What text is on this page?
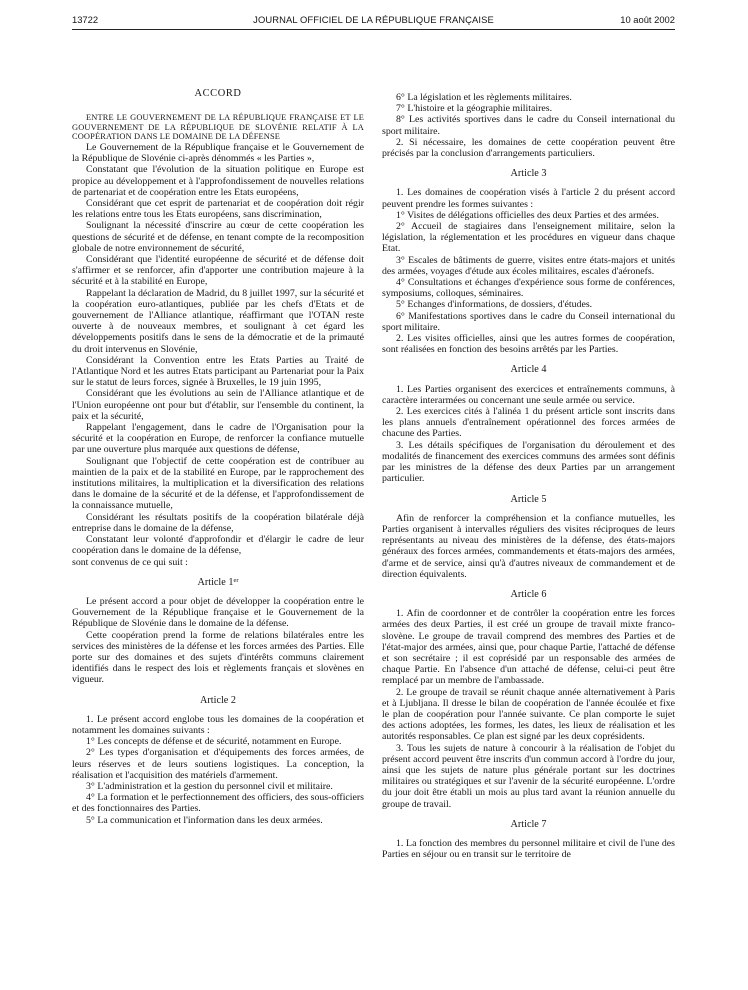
13722	JOURNAL OFFICIEL DE LA RÉPUBLIQUE FRANÇAISE	10 août 2002
ACCORD

ENTRE LE GOUVERNEMENT DE LA RÉPUBLIQUE FRANÇAISE ET LE GOUVERNEMENT DE LA RÉPUBLIQUE DE SLOVÉNIE RELATIF À LA COOPÉRATION DANS LE DOMAINE DE LA DÉFENSE

Le Gouvernement de la République française et le Gouvernement de la République de Slovénie ci-après dénommés « les Parties »,

Constatant que l'évolution de la situation politique en Europe est propice au développement et à l'approfondissement de nouvelles relations de partenariat et de coopération entre les Etats européens,

Considérant que cet esprit de partenariat et de coopération doit régir les relations entre tous les Etats européens, sans discrimination,

Soulignant la nécessité d'inscrire au cœur de cette coopération les questions de sécurité et de défense, en tenant compte de la recomposition globale de notre environnement de sécurité,

Considérant que l'identité européenne de sécurité et de défense doit s'affirmer et se renforcer, afin d'apporter une contribution majeure à la sécurité et à la stabilité en Europe,

Rappelant la déclaration de Madrid, du 8 juillet 1997, sur la sécurité et la coopération euro-atlantiques, publiée par les chefs d'Etats et de gouvernement de l'Alliance atlantique, réaffirmant que l'OTAN reste ouverte à de nouveaux membres, et soulignant à cet égard les développements positifs dans le sens de la démocratie et de la primauté du droit intervenus en Slovénie,

Considérant la Convention entre les Etats Parties au Traité de l'Atlantique Nord et les autres Etats participant au Partenariat pour la Paix sur le statut de leurs forces, signée à Bruxelles, le 19 juin 1995,

Considérant que les évolutions au sein de l'Alliance atlantique et de l'Union européenne ont pour but d'établir, sur l'ensemble du continent, la paix et la sécurité,

Rappelant l'engagement, dans le cadre de l'Organisation pour la sécurité et la coopération en Europe, de renforcer la confiance mutuelle par une ouverture plus marquée aux questions de défense,

Soulignant que l'objectif de cette coopération est de contribuer au maintien de la paix et de la stabilité en Europe, par le rapprochement des institutions militaires, la multiplication et la diversification des relations dans le domaine de la sécurité et de la défense, et l'approfondissement de la connaissance mutuelle,

Considérant les résultats positifs de la coopération bilatérale déjà entreprise dans le domaine de la défense,

Constatant leur volonté d'approfondir et d'élargir le cadre de leur coopération dans le domaine de la défense,

sont convenus de ce qui suit :

Article 1er

Le présent accord a pour objet de développer la coopération entre le Gouvernement de la République française et le Gouvernement de la République de Slovénie dans le domaine de la défense.

Cette coopération prend la forme de relations bilatérales entre les services des ministères de la défense et les forces armées des Parties. Elle porte sur des domaines et des sujets d'intérêts communs clairement identifiés dans le respect des lois et règlements français et slovènes en vigueur.

Article 2

1. Le présent accord englobe tous les domaines de la coopération et notamment les domaines suivants :

1° Les concepts de défense et de sécurité, notamment en Europe.

2° Les types d'organisation et d'équipements des forces armées, de leurs réserves et de leurs soutiens logistiques. La conception, la réalisation et l'acquisition des matériels d'armement.

3° L'administration et la gestion du personnel civil et militaire.

4° La formation et le perfectionnement des officiers, des sous-officiers et des fonctionnaires des Parties.

5° La communication et l'information dans les deux armées.

6° La législation et les règlements militaires.

7° L'histoire et la géographie militaires.

8° Les activités sportives dans le cadre du Conseil international du sport militaire.

2. Si nécessaire, les domaines de cette coopération peuvent être précisés par la conclusion d'arrangements particuliers.

Article 3

1. Les domaines de coopération visés à l'article 2 du présent accord peuvent prendre les formes suivantes :

1° Visites de délégations officielles des deux Parties et des armées.

2° Accueil de stagiaires dans l'enseignement militaire, selon la législation, la réglementation et les procédures en vigueur dans chaque Etat.

3° Escales de bâtiments de guerre, visites entre états-majors et unités des armées, voyages d'étude aux écoles militaires, escales d'aéronefs.

4° Consultations et échanges d'expérience sous forme de conférences, symposiums, colloques, séminaires.

5° Echanges d'informations, de dossiers, d'études.

6° Manifestations sportives dans le cadre du Conseil international du sport militaire.

2. Les visites officielles, ainsi que les autres formes de coopération, sont réalisées en fonction des besoins arrêtés par les Parties.

Article 4

1. Les Parties organisent des exercices et entraînements communs, à caractère interarmées ou concernant une seule armée ou service.

2. Les exercices cités à l'alinéa 1 du présent article sont inscrits dans les plans annuels d'entraînement opérationnel des forces armées de chacune des Parties.

3. Les détails spécifiques de l'organisation du déroulement et des modalités de financement des exercices communs des armées sont définis par les ministres de la défense des deux Parties par un arrangement particulier.

Article 5

Afin de renforcer la compréhension et la confiance mutuelles, les Parties organisent à intervalles réguliers des visites réciproques de leurs représentants au niveau des ministères de la défense, des états-majors généraux des forces armées, commandements et états-majors des armées, d'arme et de service, ainsi qu'à d'autres niveaux de commandement et de direction équivalents.

Article 6

1. Afin de coordonner et de contrôler la coopération entre les forces armées des deux Parties, il est créé un groupe de travail mixte franco-slovène. Le groupe de travail comprend des membres des Parties et de l'état-major des armées, ainsi que, pour chaque Partie, l'attaché de défense et son secrétaire ; il est coprésidé par un responsable des armées de chaque Partie. En l'absence d'un attaché de défense, celui-ci peut être remplacé par un membre de l'ambassade.

2. Le groupe de travail se réunit chaque année alternativement à Paris et à Ljubljana. Il dresse le bilan de coopération de l'année écoulée et fixe le plan de coopération pour l'année suivante. Ce plan comporte le sujet des actions adoptées, les formes, les dates, les lieux de réalisation et les autorités responsables. Ce plan est signé par les deux coprésidents.

3. Tous les sujets de nature à concourir à la réalisation de l'objet du présent accord peuvent être inscrits d'un commun accord à l'ordre du jour, ainsi que les sujets de nature plus générale portant sur les doctrines militaires ou stratégiques et sur l'avenir de la sécurité européenne. L'ordre du jour doit être établi un mois au plus tard avant la réunion annuelle du groupe de travail.

Article 7

1. La fonction des membres du personnel militaire et civil de l'une des Parties en séjour ou en transit sur le territoire de
